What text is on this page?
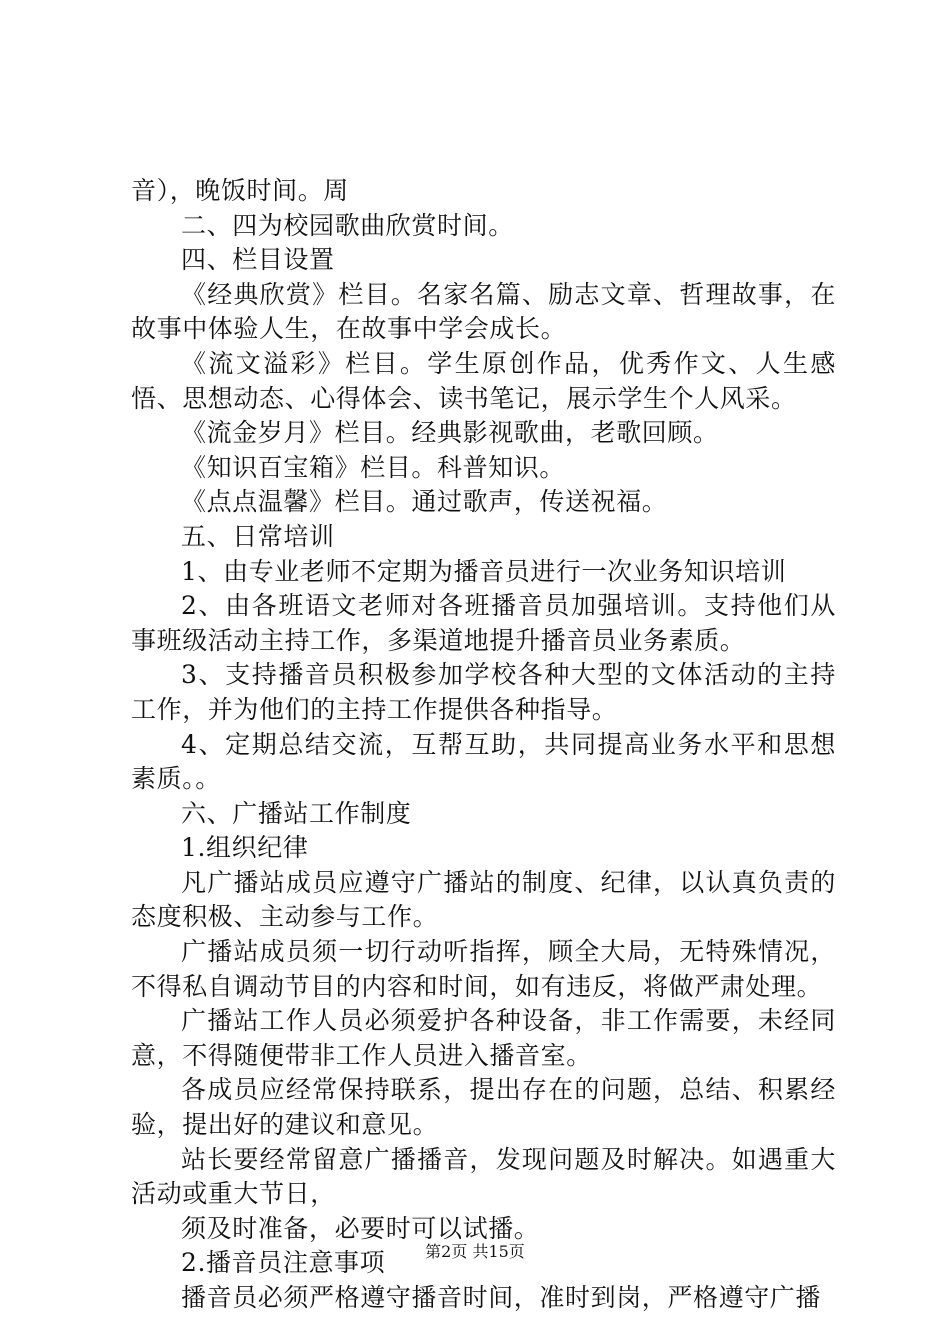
音），晚饭时间。周

二、四为校园歌曲欣赏时间。

四、栏目设置

《经典欣赏》栏目。名家名篇、励志文章、哲理故事，在故事中体验人生，在故事中学会成长。

《流文溢彩》栏目。学生原创作品，优秀作文、人生感悟、思想动态、心得体会、读书笔记，展示学生个人风采。

《流金岁月》栏目。经典影视歌曲，老歌回顾。

《知识百宝箱》栏目。科普知识。

《点点温馨》栏目。通过歌声，传送祝福。

五、日常培训

1、由专业老师不定期为播音员进行一次业务知识培训

2、由各班语文老师对各班播音员加强培训。支持他们从事班级活动主持工作，多渠道地提升播音员业务素质。

3、支持播音员积极参加学校各种大型的文体活动的主持工作，并为他们的主持工作提供各种指导。

4、定期总结交流，互帮互助，共同提高业务水平和思想素质。。

六、广播站工作制度

1.组织纪律

凡广播站成员应遵守广播站的制度、纪律，以认真负责的态度积极、主动参与工作。

广播站成员须一切行动听指挥，顾全大局，无特殊情况，不得私自调动节目的内容和时间，如有违反，将做严肃处理。

广播站工作人员必须爱护各种设备，非工作需要，未经同意，不得随便带非工作人员进入播音室。

各成员应经常保持联系，提出存在的问题，总结、积累经验，提出好的建议和意见。

站长要经常留意广播播音，发现问题及时解决。如遇重大活动或重大节日，

须及时准备，必要时可以试播。

2.播音员注意事项

播音员必须严格遵守播音时间，准时到岗，严格遵守广播

第2页 共15页
